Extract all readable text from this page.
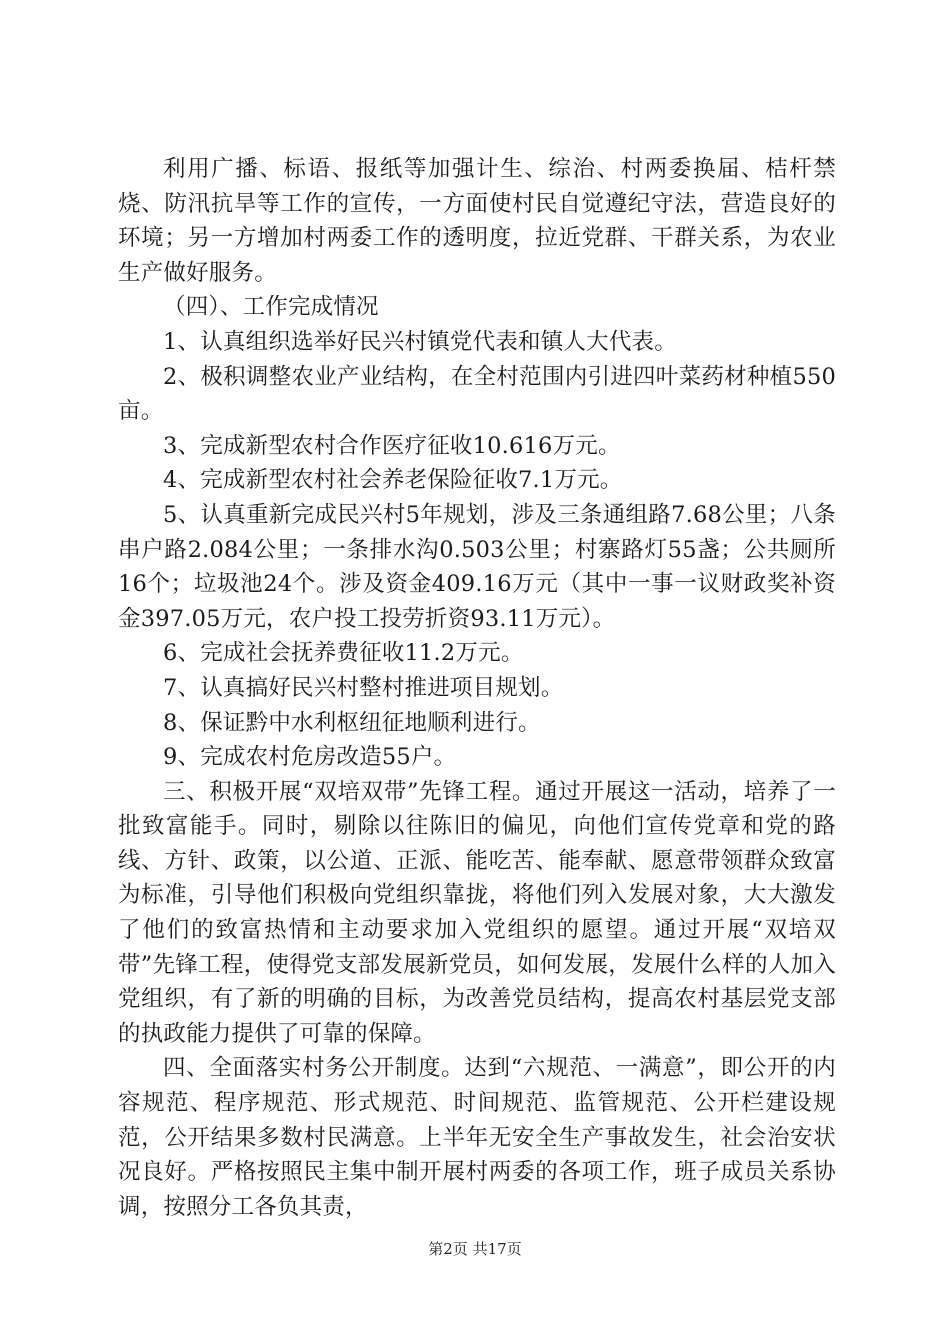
利用广播、标语、报纸等加强计生、综治、村两委换届、桔杆禁烧、防汛抗旱等工作的宣传，一方面使村民自觉遵纪守法，营造良好的环境；另一方增加村两委工作的透明度，拉近党群、干群关系，为农业生产做好服务。

（四）、工作完成情况

1、认真组织选举好民兴村镇党代表和镇人大代表。

2、极积调整农业产业结构，在全村范围内引进四叶菜药材种植550亩。

3、完成新型农村合作医疗征收10.616万元。

4、完成新型农村社会养老保险征收7.1万元。

5、认真重新完成民兴村5年规划，涉及三条通组路7.68公里；八条串户路2.084公里；一条排水沟0.503公里；村寨路灯55盏；公共厕所16个；垃圾池24个。涉及资金409.16万元（其中一事一议财政奖补资金397.05万元，农户投工投劳折资93.11万元）。

6、完成社会抚养费征收11.2万元。

7、认真搞好民兴村整村推进项目规划。

8、保证黔中水利枢纽征地顺利进行。

9、完成农村危房改造55户。

三、积极开展“双培双带”先锋工程。通过开展这一活动，培养了一批致富能手。同时，剔除以往陈旧的偏见，向他们宣传党章和党的路线、方针、政策，以公道、正派、能吃苦、能奉献、愿意带领群众致富为标准，引导他们积极向党组织靠拢，将他们列入发展对象，大大激发了他们的致富热情和主动要求加入党组织的愿望。通过开展“双培双带”先锋工程，使得党支部发展新党员，如何发展，发展什么样的人加入党组织，有了新的明确的目标，为改善党员结构，提高农村基层党支部的执政能力提供了可靠的保障。

四、全面落实村务公开制度。达到“六规范、一满意”，即公开的内容规范、程序规范、形式规范、时间规范、监管规范、公开栏建设规范，公开结果多数村民满意。上半年无安全生产事故发生，社会治安状况良好。严格按照民主集中制开展村两委的各项工作，班子成员关系协调，按照分工各负其责，

第2页 共17页
